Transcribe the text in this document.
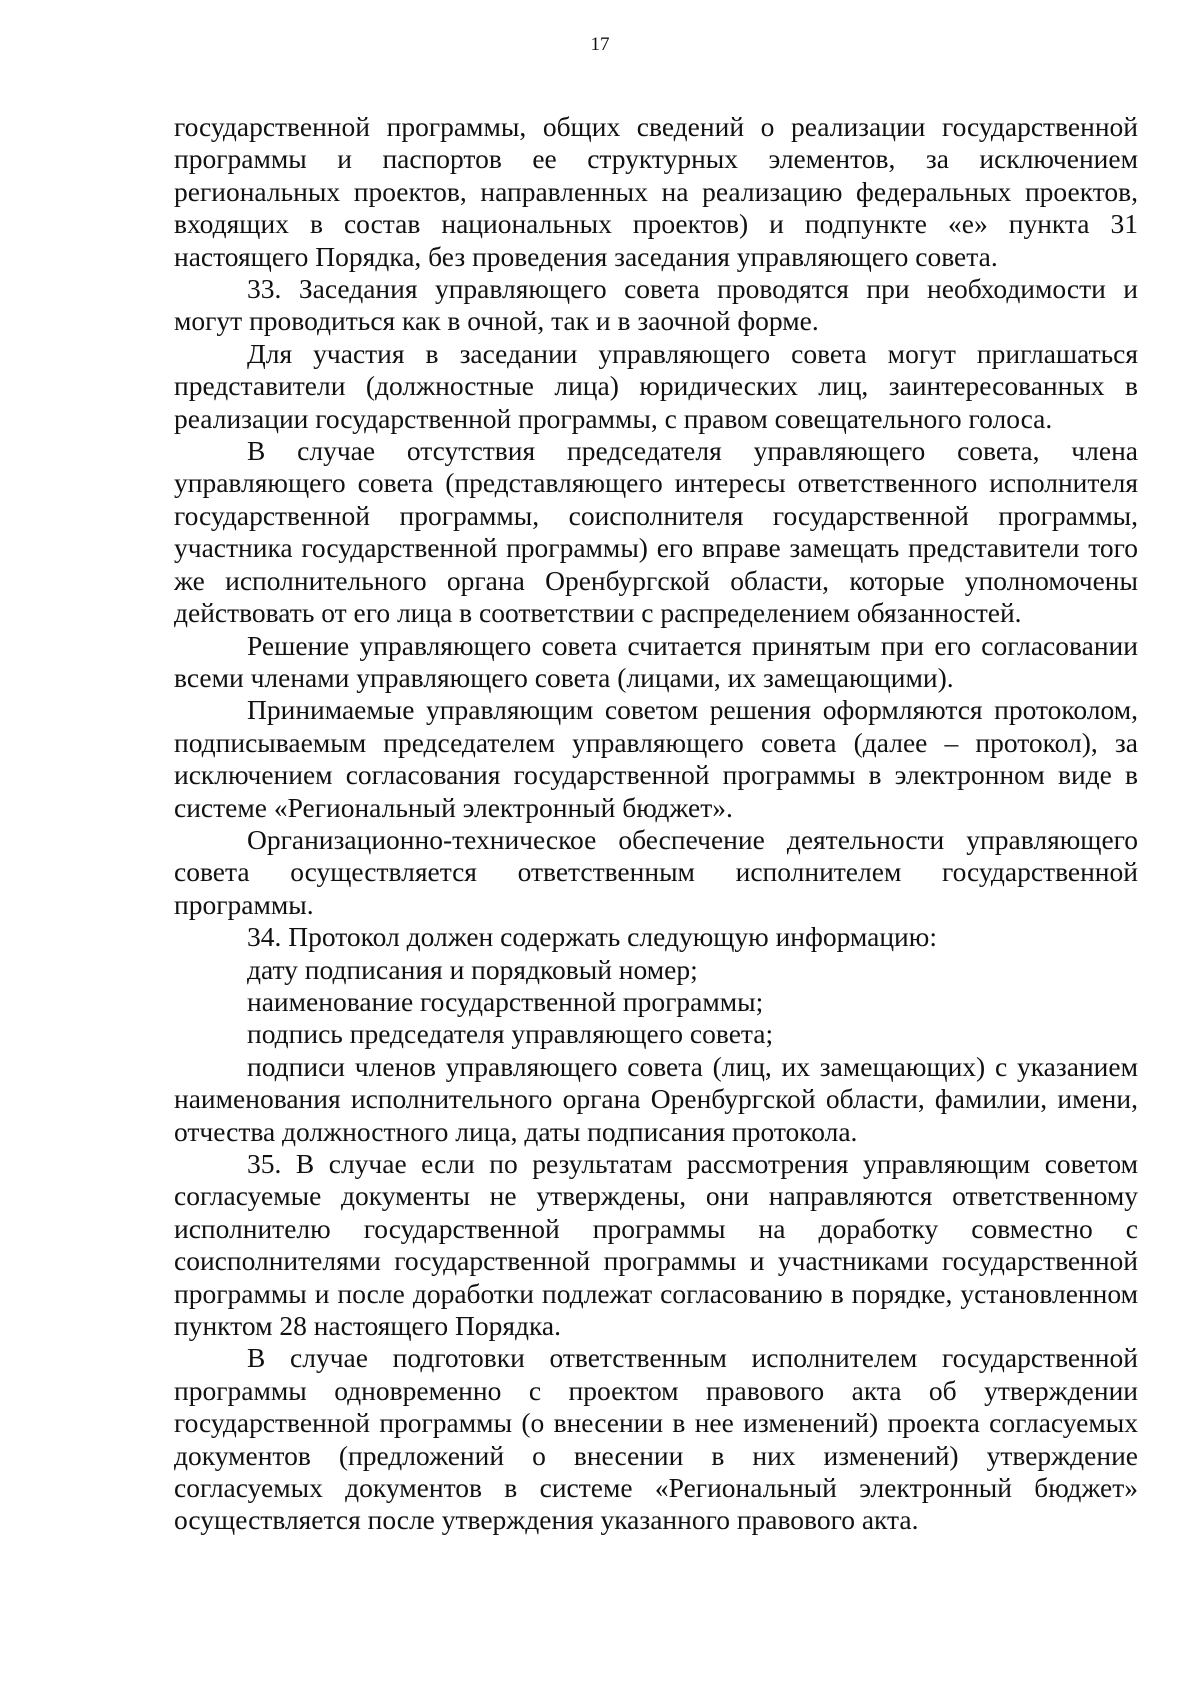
17

государственной программы, общих сведений о реализации государственной программы и паспортов ее структурных элементов, за исключением региональных проектов, направленных на реализацию федеральных проектов, входящих в состав национальных проектов) и подпункте «е» пункта 31 настоящего Порядка, без проведения заседания управляющего совета.

33. Заседания управляющего совета проводятся при необходимости и могут проводиться как в очной, так и в заочной форме.

Для участия в заседании управляющего совета могут приглашаться представители (должностные лица) юридических лиц, заинтересованных в реализации государственной программы, с правом совещательного голоса.

В случае отсутствия председателя управляющего совета, члена управляющего совета (представляющего интересы ответственного исполнителя государственной программы, соисполнителя государственной программы, участника государственной программы) его вправе замещать представители того же исполнительного органа Оренбургской области, которые уполномочены действовать от его лица в соответствии с распределением обязанностей.

Решение управляющего совета считается принятым при его согласовании всеми членами управляющего совета (лицами, их замещающими).

Принимаемые управляющим советом решения оформляются протоколом, подписываемым председателем управляющего совета (далее – протокол), за исключением согласования государственной программы в электронном виде в системе «Региональный электронный бюджет».

Организационно-техническое обеспечение деятельности управляющего совета осуществляется ответственным исполнителем государственной программы.

34. Протокол должен содержать следующую информацию:

дату подписания и порядковый номер;

наименование государственной программы;

подпись председателя управляющего совета;

подписи членов управляющего совета (лиц, их замещающих) с указанием наименования исполнительного органа Оренбургской области, фамилии, имени, отчества должностного лица, даты подписания протокола.

35. В случае если по результатам рассмотрения управляющим советом согласуемые документы не утверждены, они направляются ответственному исполнителю государственной программы на доработку совместно с соисполнителями государственной программы и участниками государственной программы и после доработки подлежат согласованию в порядке, установленном пунктом 28 настоящего Порядка.

В случае подготовки ответственным исполнителем государственной программы одновременно с проектом правового акта об утверждении государственной программы (о внесении в нее изменений) проекта согласуемых документов (предложений о внесении в них изменений) утверждение согласуемых документов в системе «Региональный электронный бюджет» осуществляется после утверждения указанного правового акта.
